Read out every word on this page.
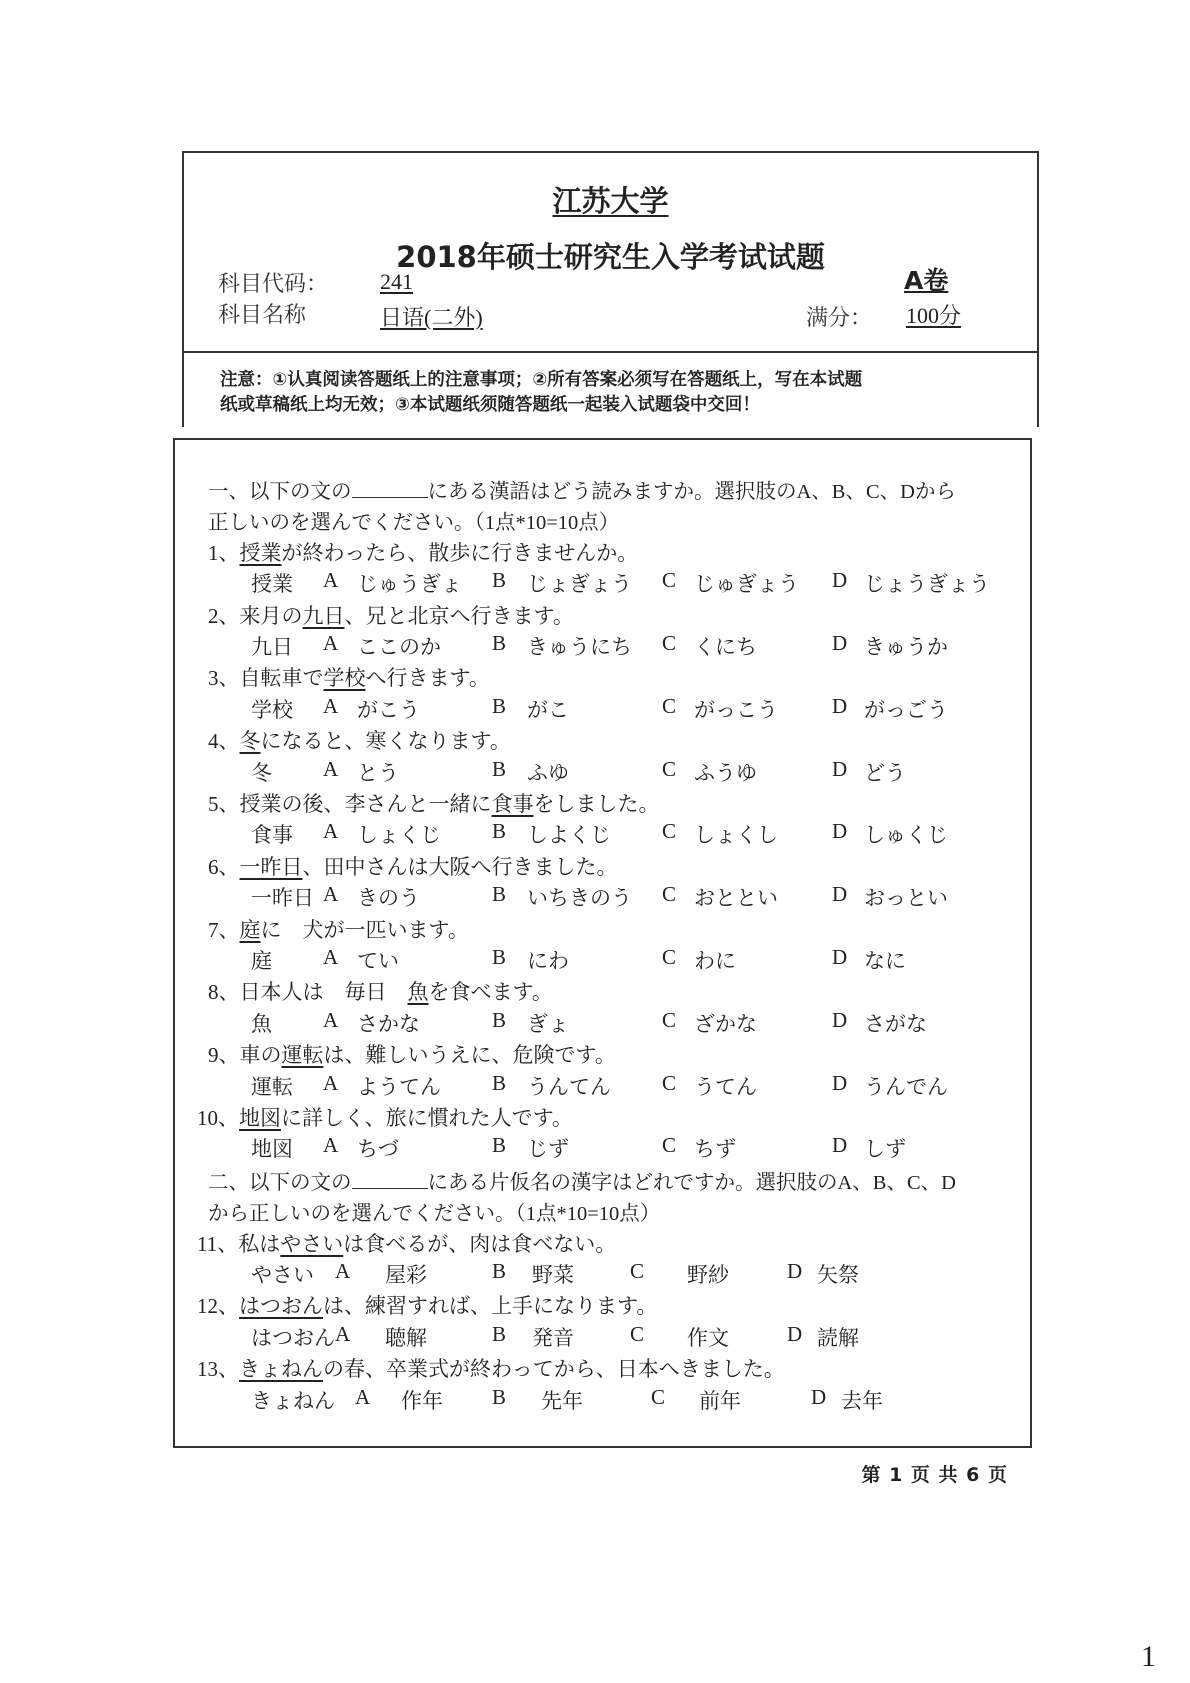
江苏大学
2018年硕士研究生入学考试试题
A卷
科目代码： 241
科目名称	日语(二外)	满分： 100分
注意：①认真阅读答题纸上的注意事项；②所有答案必须写在答题纸上，写在本试题
纸或草稿纸上均无效；③本试题纸须随答题纸一起装入试题袋中交回！
一、以下の文の	にある漢語はどう読みますか。選択肢のA、B、C、Dから
正しいのを選んでください。（1点*10=10点）
1、授業が終わったら、散歩に行きませんか。
授業 A じゅうぎょ B じょぎょう C じゅぎょう D じょうぎょう
2、来月の九日、兄と北京へ行きます。
九日 A ここのか B きゅうにち C くにち	D きゅうか
3、自転車で学校へ行きます。
学校 A がこう	B がこ	C がっこう	D がっごう
4、冬になると、寒くなります。
冬 A とう	B ふゆ	C ふうゆ	D どう
5、授業の後、李さんと一緒に食事をしました。
食事 A しょくじ B しよくじ C しょくし	D しゅくじ
6、一昨日、田中さんは大阪へ行きました。
一昨日 A きのう	B いちきのう C おととい	D おっとい
7、庭に　犬が一匹います。
庭 A てい	B にわ	C わに	D なに
8、日本人は　毎日　魚を食べます。
魚 A さかな	B ぎょ	C ざかな	D さがな
9、車の運転は、難しいうえに、危険です。
運転 A ようてん B うんてん C うてん	D うんでん
10、地図に詳しく、旅に慣れた人です。
地図 A ちづ	B じず	C ちず	D しず
二、以下の文の	にある片仮名の漢字はどれですか。選択肢のA、B、C、D
から正しいのを選んでください。（1点*10=10点）
11、私はやさいは食べるが、肉は食べない。
やさい A 屋彩	B 野菜	C 野紗	D 矢祭
12、はつおんは、練習すれば、上手になります。
はつおん A 聴解	B 発音	C 作文	D 読解
13、きょねんの春、卒業式が終わってから、日本へきました。
きょねん A 作年 B 先年	C 前年	D 去年
第 1 页 共 6 页
1
